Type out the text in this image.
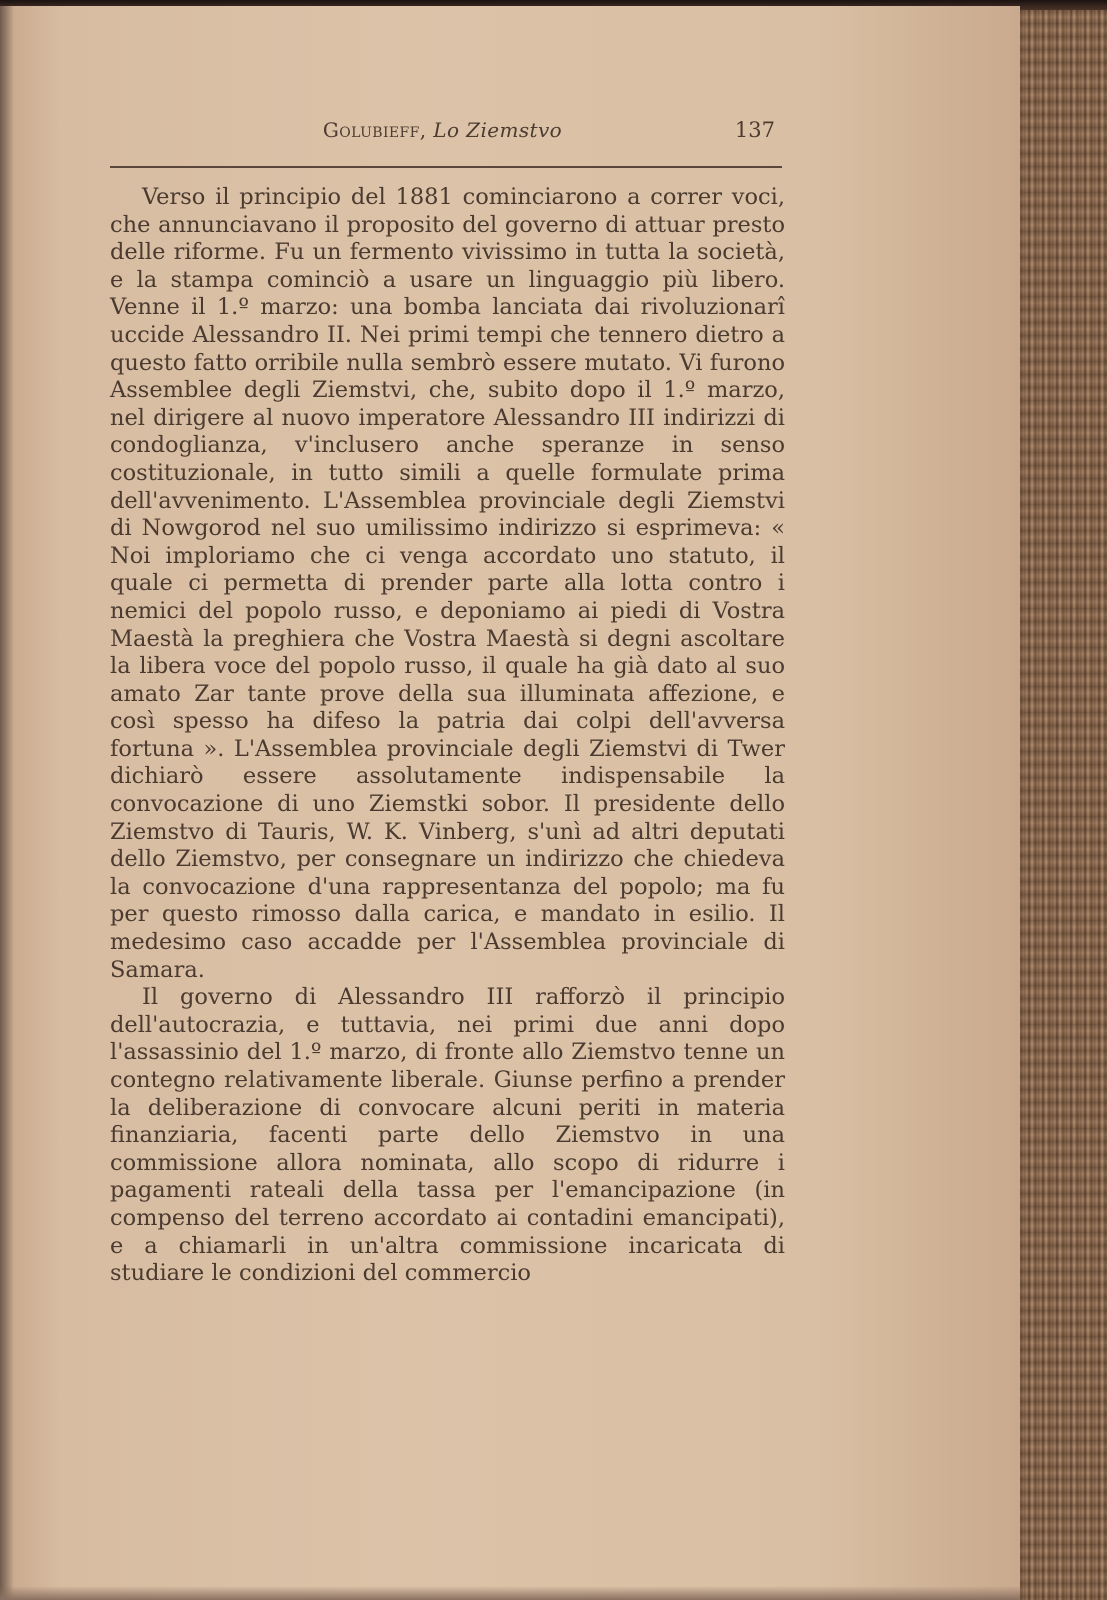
Golubieff, Lo Ziemstvo	137

Verso il principio del 1881 cominciarono a correr voci, che annunciavano il proposito del governo di attuar presto delle riforme. Fu un fermento vivissimo in tutta la società, e la stampa cominciò a usare un linguaggio più libero. Venne il 1.º marzo: una bomba lanciata dai rivoluzionarî uccide Alessandro II. Nei primi tempi che tennero dietro a questo fatto orribile nulla sembrò essere mutato. Vi furono Assemblee degli Ziemstvi, che, subito dopo il 1.º marzo, nel dirigere al nuovo imperatore Alessandro III indirizzi di condoglianza, v'inclusero anche speranze in senso costituzionale, in tutto simili a quelle formulate prima dell'avvenimento. L'Assemblea provinciale degli Ziemstvi di Nowgorod nel suo umilissimo indirizzo si esprimeva: « Noi imploriamo che ci venga accordato uno statuto, il quale ci permetta di prender parte alla lotta contro i nemici del popolo russo, e deponiamo ai piedi di Vostra Maestà la preghiera che Vostra Maestà si degni ascoltare la libera voce del popolo russo, il quale ha già dato al suo amato Zar tante prove della sua illuminata affezione, e così spesso ha difeso la patria dai colpi dell'avversa fortuna ». L'Assemblea provinciale degli Ziemstvi di Twer dichiarò essere assolutamente indispensabile la convocazione di uno Ziemstki sobor. Il presidente dello Ziemstvo di Tauris, W. K. Vinberg, s'unì ad altri deputati dello Ziemstvo, per consegnare un indirizzo che chiedeva la convocazione d'una rappresentanza del popolo; ma fu per questo rimosso dalla carica, e mandato in esilio. Il medesimo caso accadde per l'Assemblea provinciale di Samara.

Il governo di Alessandro III rafforzò il principio dell'autocrazia, e tuttavia, nei primi due anni dopo l'assassinio del 1.º marzo, di fronte allo Ziemstvo tenne un contegno relativamente liberale. Giunse perfino a prender la deliberazione di convocare alcuni periti in materia finanziaria, facenti parte dello Ziemstvo in una commissione allora nominata, allo scopo di ridurre i pagamenti rateali della tassa per l'emancipazione (in compenso del terreno accordato ai contadini emancipati), e a chiamarli in un'altra commissione incaricata di studiare le condizioni del commercio
